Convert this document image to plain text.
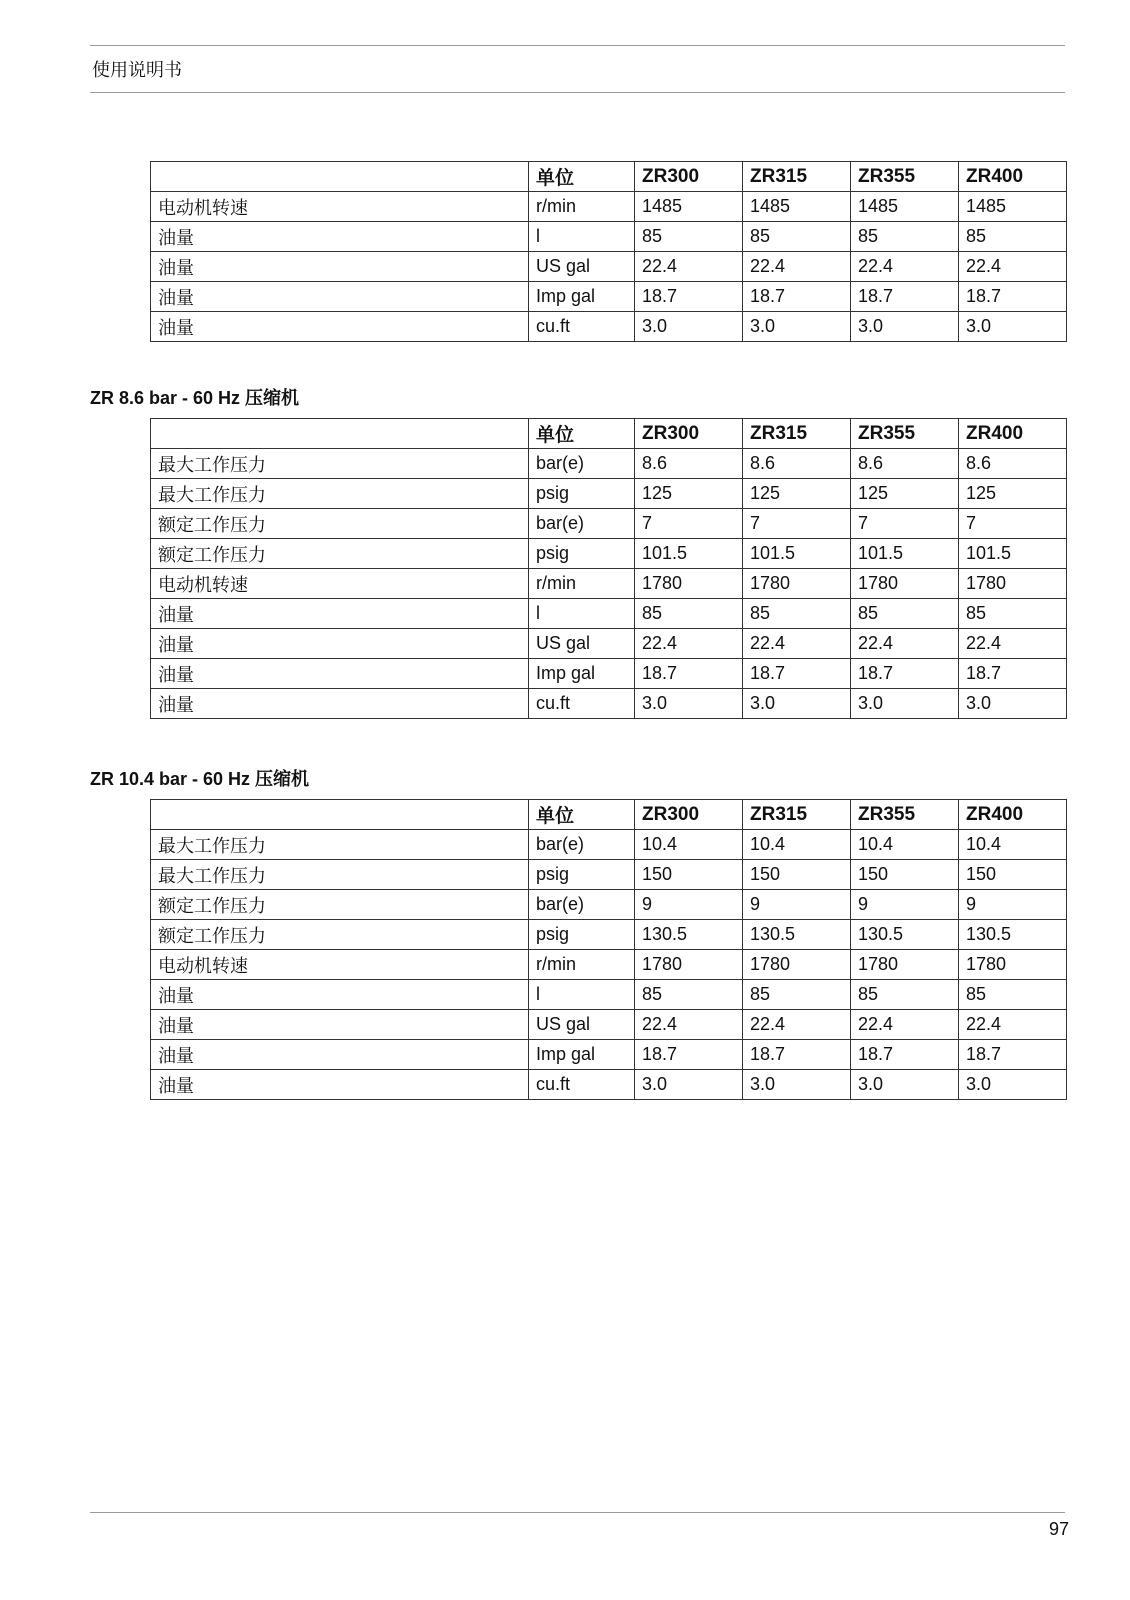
使用说明书
	单位	ZR300	ZR315	ZR355	ZR400
电动机转速	r/min	1485	1485	1485	1485
油量	l	85	85	85	85
油量	US gal	22.4	22.4	22.4	22.4
油量	Imp gal	18.7	18.7	18.7	18.7
油量	cu.ft	3.0	3.0	3.0	3.0
ZR 8.6 bar - 60 Hz 压缩机
	单位	ZR300	ZR315	ZR355	ZR400
最大工作压力	bar(e)	8.6	8.6	8.6	8.6
最大工作压力	psig	125	125	125	125
额定工作压力	bar(e)	7	7	7	7
额定工作压力	psig	101.5	101.5	101.5	101.5
电动机转速	r/min	1780	1780	1780	1780
油量	l	85	85	85	85
油量	US gal	22.4	22.4	22.4	22.4
油量	Imp gal	18.7	18.7	18.7	18.7
油量	cu.ft	3.0	3.0	3.0	3.0
ZR 10.4 bar - 60 Hz 压缩机
	单位	ZR300	ZR315	ZR355	ZR400
最大工作压力	bar(e)	10.4	10.4	10.4	10.4
最大工作压力	psig	150	150	150	150
额定工作压力	bar(e)	9	9	9	9
额定工作压力	psig	130.5	130.5	130.5	130.5
电动机转速	r/min	1780	1780	1780	1780
油量	l	85	85	85	85
油量	US gal	22.4	22.4	22.4	22.4
油量	Imp gal	18.7	18.7	18.7	18.7
油量	cu.ft	3.0	3.0	3.0	3.0
97
